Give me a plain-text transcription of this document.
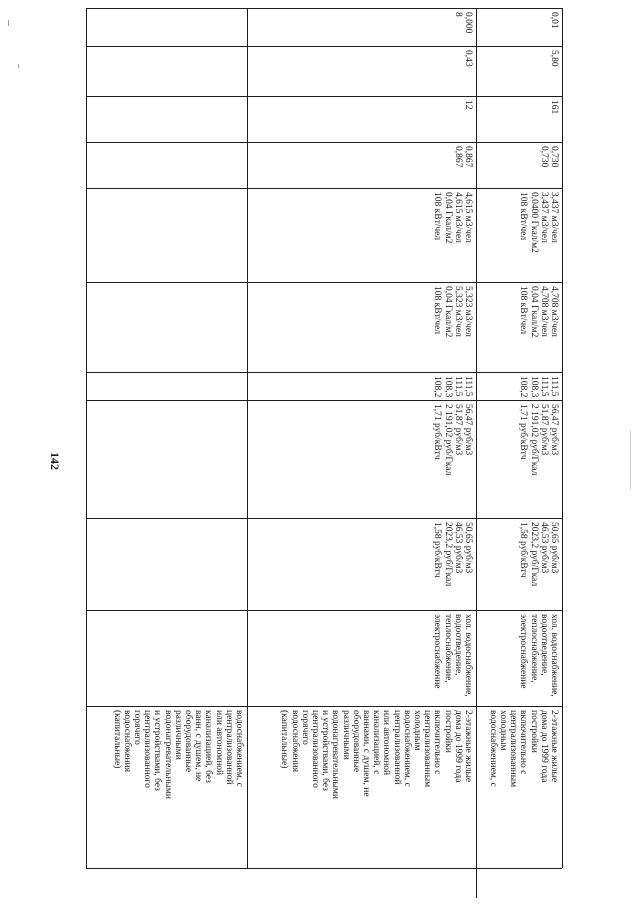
142
водоснабжением, с
централизованной
или автономной
канализацией, без
ванн, с душем, не
оборудованные
различными
водонагревательными
и устройствами, без
централизованного
горячего
водоснабжения
(капитальные)	2-этажные жилые
дома до 1999 года
постройки
включительно с
централизованным
холодным
водоснабжением, с
централизованной
или автономной
канализацией, с
ваннами, с душем, не
оборудованные
различными
водонагревательными
и устройствами, без
централизованного
горячего
водоснабжения
(капитальные)
хол. водоснабжение,
водоотведение,
теплоснабжение,
электроснабжение
50,65 руб/м3
46,53 руб/м3
2023,2 руб/Гкал
1,58 руб/кВтч
56,47 руб/м3
51,87 руб/м3
2 191,02 руб/Гкал
1,71 руб/кВтч
111,5
111,5
108,3
108,2
5,323 м3/чел
5,323 м3/чел
0,04 Гкал/м2
108 кВт/чел
4,615 м3/чел
4,615 м3/чел
0,04 Гкал/м2
108 кВт/чел
0,867
0,867
12
0,43
0,000
8
2-этажные жилые
дома до 1999 года
постройки
включительно с
централизованным
холодным
водоснабжением, с
хол. водоснабжение,
водоотведение,
теплоснабжение,
электроснабжение
50,65 руб/м3
46,53 руб/м3
2023,2 руб/Гкал
1,58 руб/кВтч
56,47 руб/м3
51,87 руб/м3
2 191,02 руб/Гкал
1,71 руб/кВтч
111,5
111,5
108,3
108,2
4,708 м3/чел
4,708 м3/чел
0,04 Гкал/м2
108 кВт/чел
3,437 м3/чел
3,437 м3/чел
0,0400 Гкал/м2
108 кВт/чел
0,730
0,730
161
5,80
0,01
